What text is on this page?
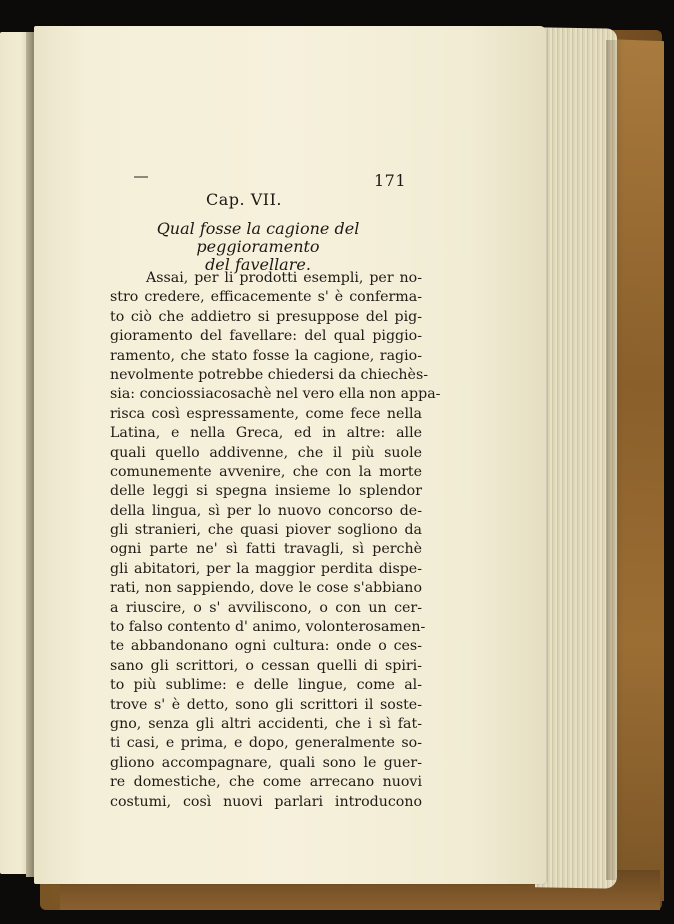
171
Cap. VII.
Qual fosse la cagione del peggioramento
del favellare.
Assai, per li prodotti esempli, per no-
stro credere, efficacemente s' è conferma-
to ciò che addietro si presuppose del pig-
gioramento del favellare: del qual piggio-
ramento, che stato fosse la cagione, ragio-
nevolmente potrebbe chiedersi da chiechès-
sia: conciossiacosachè nel vero ella non appa-
risca così espressamente, come fece nella
Latina, e nella Greca, ed in altre: alle
quali quello addivenne, che il più suole
comunemente avvenire, che con la morte
delle leggi si spegna insieme lo splendor
della lingua, sì per lo nuovo concorso de-
gli stranieri, che quasi piover sogliono da
ogni parte ne' sì fatti travagli, sì perchè
gli abitatori, per la maggior perdita dispe-
rati, non sappiendo, dove le cose s'abbiano
a riuscire, o s' avviliscono, o con un cer-
to falso contento d' animo, volonterosamen-
te abbandonano ogni cultura: onde o ces-
sano gli scrittori, o cessan quelli di spiri-
to più sublime: e delle lingue, come al-
trove s' è detto, sono gli scrittori il soste-
gno, senza gli altri accidenti, che i sì fat-
ti casi, e prima, e dopo, generalmente so-
gliono accompagnare, quali sono le guer-
re domestiche, che come arrecano nuovi
costumi, così nuovi parlari introducono
